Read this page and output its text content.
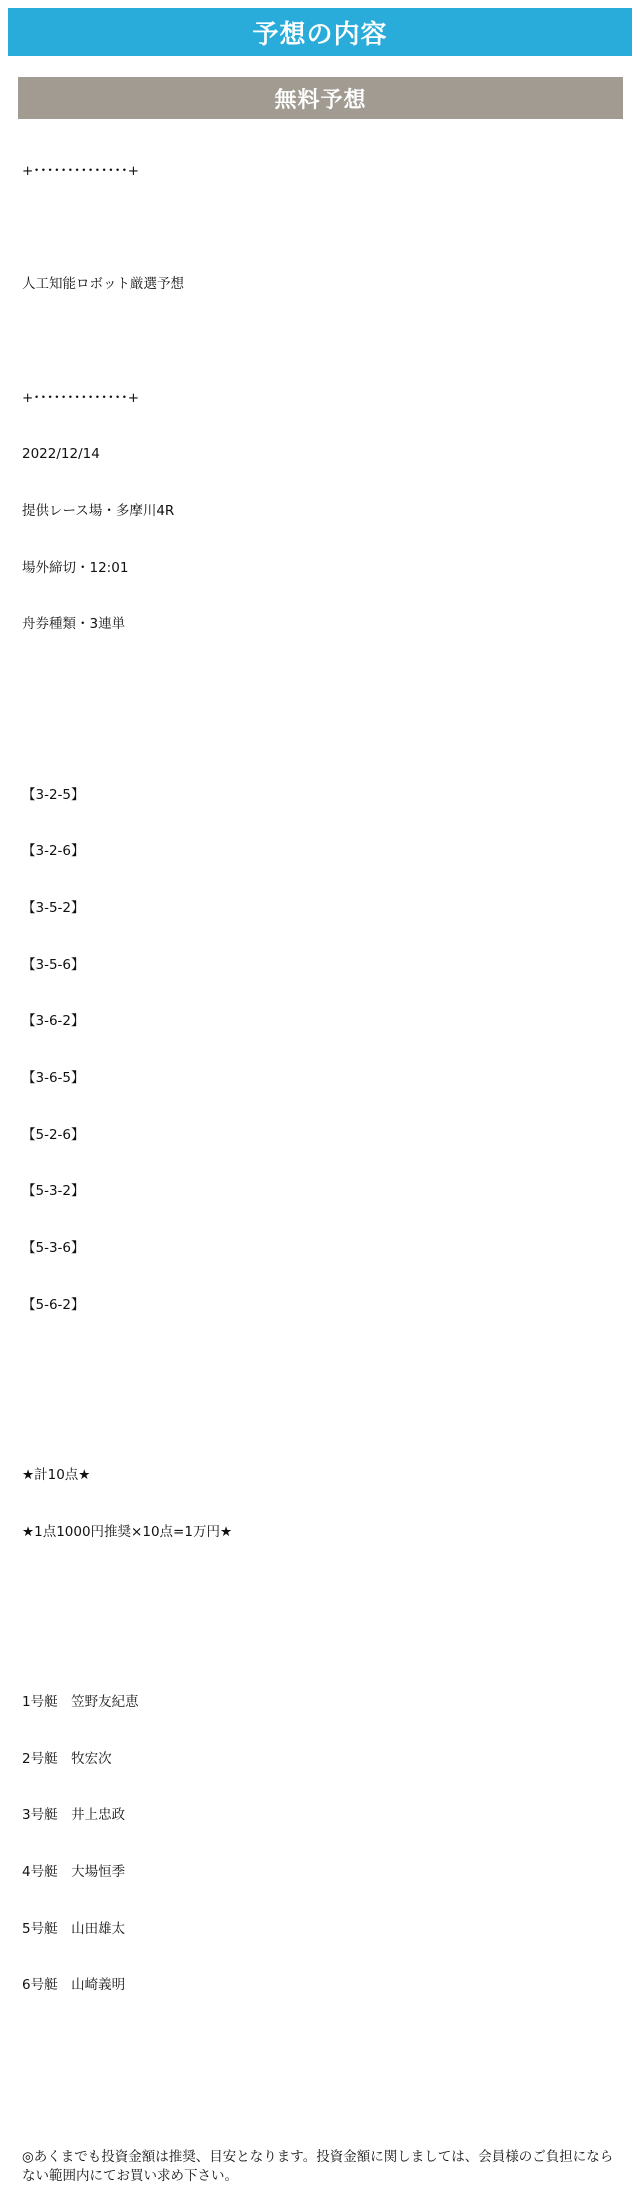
予想の内容
無料予想

+･･････････････+

人工知能ロボット厳選予想

+･･････････････+

2022/12/14

提供レース場・多摩川4R

場外締切・12:01

舟券種類・3連単

【3-2-5】

【3-2-6】

【3-5-2】

【3-5-6】

【3-6-2】

【3-6-5】

【5-2-6】

【5-3-2】

【5-3-6】

【5-6-2】

★計10点★

★1点1000円推奨×10点=1万円★

1号艇　笠野友紀恵

2号艇　牧宏次

3号艇　井上忠政

4号艇　大場恒季

5号艇　山田雄太

6号艇　山崎義明

◎あくまでも投資金額は推奨、目安となります。投資金額に関しましては、会員様のご負担にならない範囲内にてお買い求め下さい。
